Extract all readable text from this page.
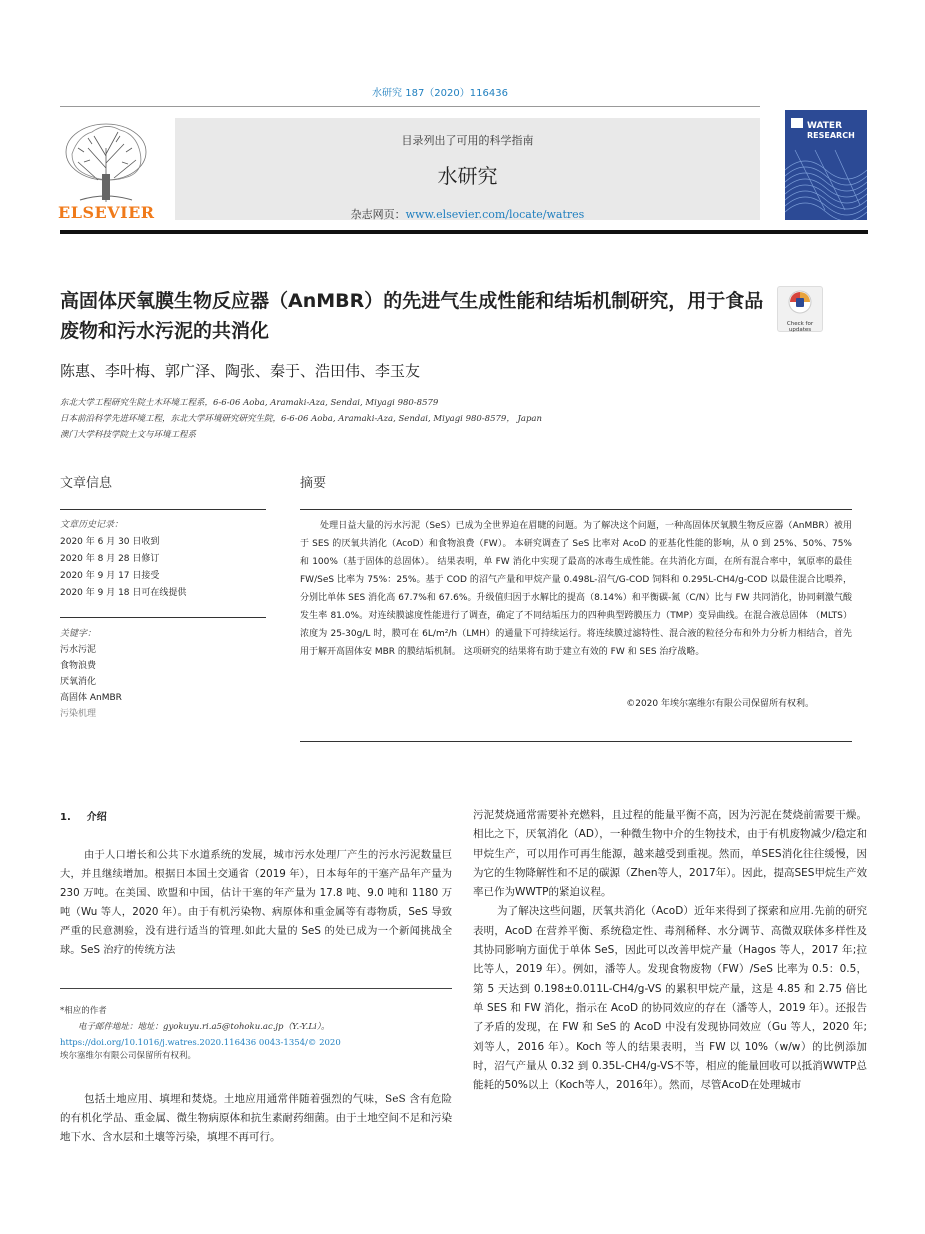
水研究 187（2020）116436
ELSEVIER
目录列出了可用的科学指南
水研究
杂志网页：www.elsevier.com/locate/watres
WATER
RESEARCH
高固体厌氧膜生物反应器（AnMBR）的先进气生成性能和结垢机制研究，用于食品废物和污水污泥的共消化	Check for updates
陈惠、李叶梅、郭广泽、陶张、秦于、浩田伟、李玉友
东北大学工程研究生院土木环境工程系，6-6-06 Aoba, Aramaki-Aza, Sendai, Miyagi 980-8579
日本前沿科学先进环境工程，东北大学环境研究研究生院，6-6-06 Aoba, Aramaki-Aza, Sendai, Miyagi 980-8579， Japan
澳门大学科技学院土文与环境工程系
文章信息	摘要
文章历史记录：
2020 年 6 月 30 日收到
2020 年 8 月 28 日修订
2020 年 9 月 17 日接受
2020 年 9 月 18 日可在线提供
关键字：
污水污泥
食物浪费
厌氧消化
高固体 AnMBR
污染机理

处理日益大量的污水污泥（SeS）已成为全世界迫在眉睫的问题。为了解决这个问题，一种高固体厌氧膜生物反应器（AnMBR）被用于 SES 的厌氧共消化（AcoD）和食物浪费（FW）。 本研究调查了 SeS 比率对 AcoD 的亚基化性能的影响，从 0 到 25%、50%、75%和 100%（基于固体的总固体）。 结果表明，单 FW 消化中实现了最高的冰毒生成性能。在共消化方面，在所有混合率中，氧原率的最佳 FW/SeS 比率为 75%：25%。基于 COD 的沼气产量和甲烷产量 0.498L-沼气/G-COD 饲料和 0.295L-CH4/g-COD 以最佳混合比喂养，分别比单体 SES 消化高 67.7%和 67.6%。升级值归因于水解比的提高（8.14%）和平衡碳-氮（C/N）比与 FW 共同消化，协同刺激气酸发生率 81.0%。对连续膜滤度性能进行了调查，确定了不同结垢压力的四种典型跨膜压力（TMP）变异曲线。在混合液总固体 （MLTS）浓度为 25-30g/L 时，膜可在 6L/m²/h（LMH）的通量下可持续运行。将连续膜过滤特性、混合液的粒径分布和外力分析力相结合，首先用于解开高固体安 MBR 的膜结垢机制。 这项研究的结果将有助于建立有效的 FW 和 SES 治疗战略。

©2020 年埃尔塞维尔有限公司保留所有权利。
1. 介绍

由于人口增长和公共下水道系统的发展，城市污水处理厂产生的污水污泥数量巨大，并且继续增加。根据日本国土交通省（2019 年），日本每年的干塞产品年产量为 230 万吨。在美国、欧盟和中国，估计干塞的年产量为 17.8 吨、9.0 吨和 1180 万吨（Wu 等人，2020 年）。由于有机污染物、病原体和重金属等有毒物质，SeS 导致严重的民意测验，没有进行适当的管理.如此大量的 SeS 的处已成为一个新闻挑战全球。SeS 治疗的传统方法

*相应的作者
电子邮件地址：地址：gyokuyu.ri.a5@tohoku.ac.jp（Y.-Y.Li）。
https://doi.org/10.1016/j.watres.2020.116436 0043-1354/© 2020
埃尔塞维尔有限公司保留所有权利。

包括土地应用、填埋和焚烧。土地应用通常伴随着强烈的气味，SeS 含有危险的有机化学品、重金属、微生物病原体和抗生素耐药细菌。由于土地空间不足和污染地下水、含水层和土壤等污染，填埋不再可行。

污泥焚烧通常需要补充燃料，且过程的能量平衡不高，因为污泥在焚烧前需要干燥。相比之下，厌氧消化（AD），一种微生物中介的生物技术，由于有机废物减少/稳定和甲烷生产，可以用作可再生能源，越来越受到重视。然而，单SES消化往往缓慢，因为它的生物降解性和不足的碳源（Zhen等人，2017年）。因此，提高SES甲烷生产效率已作为WWTP的紧迫议程。

为了解决这些问题，厌氧共消化（AcoD）近年来得到了探索和应用.先前的研究表明，AcoD 在营养平衡、系统稳定性、毒剂稀释、水分调节、高微双联体多样性及其协同影响方面优于单体 SeS，因此可以改善甲烷产量（Hagos 等人，2017 年;拉比等人，2019 年）。例如，潘等人。发现食物废物（FW）/SeS 比率为 0.5：0.5，第 5 天达到 0.198±0.011L-CH4/g-VS 的累积甲烷产量，这是 4.85 和 2.75 倍比单 SES 和 FW 消化，指示在 AcoD 的协同效应的存在（潘等人，2019 年）。还报告了矛盾的发现，在 FW 和 SeS 的 AcoD 中没有发现协同效应（Gu 等人，2020 年;刘等人，2016 年）。Koch 等人的结果表明，当 FW 以 10%（w/w）的比例添加时，沼气产量从 0.32 到 0.35L-CH4/g-VS不等，相应的能量回收可以抵消WWTP总能耗的50%以上（Koch等人，2016年）。然而，尽管AcoD在处理城市
